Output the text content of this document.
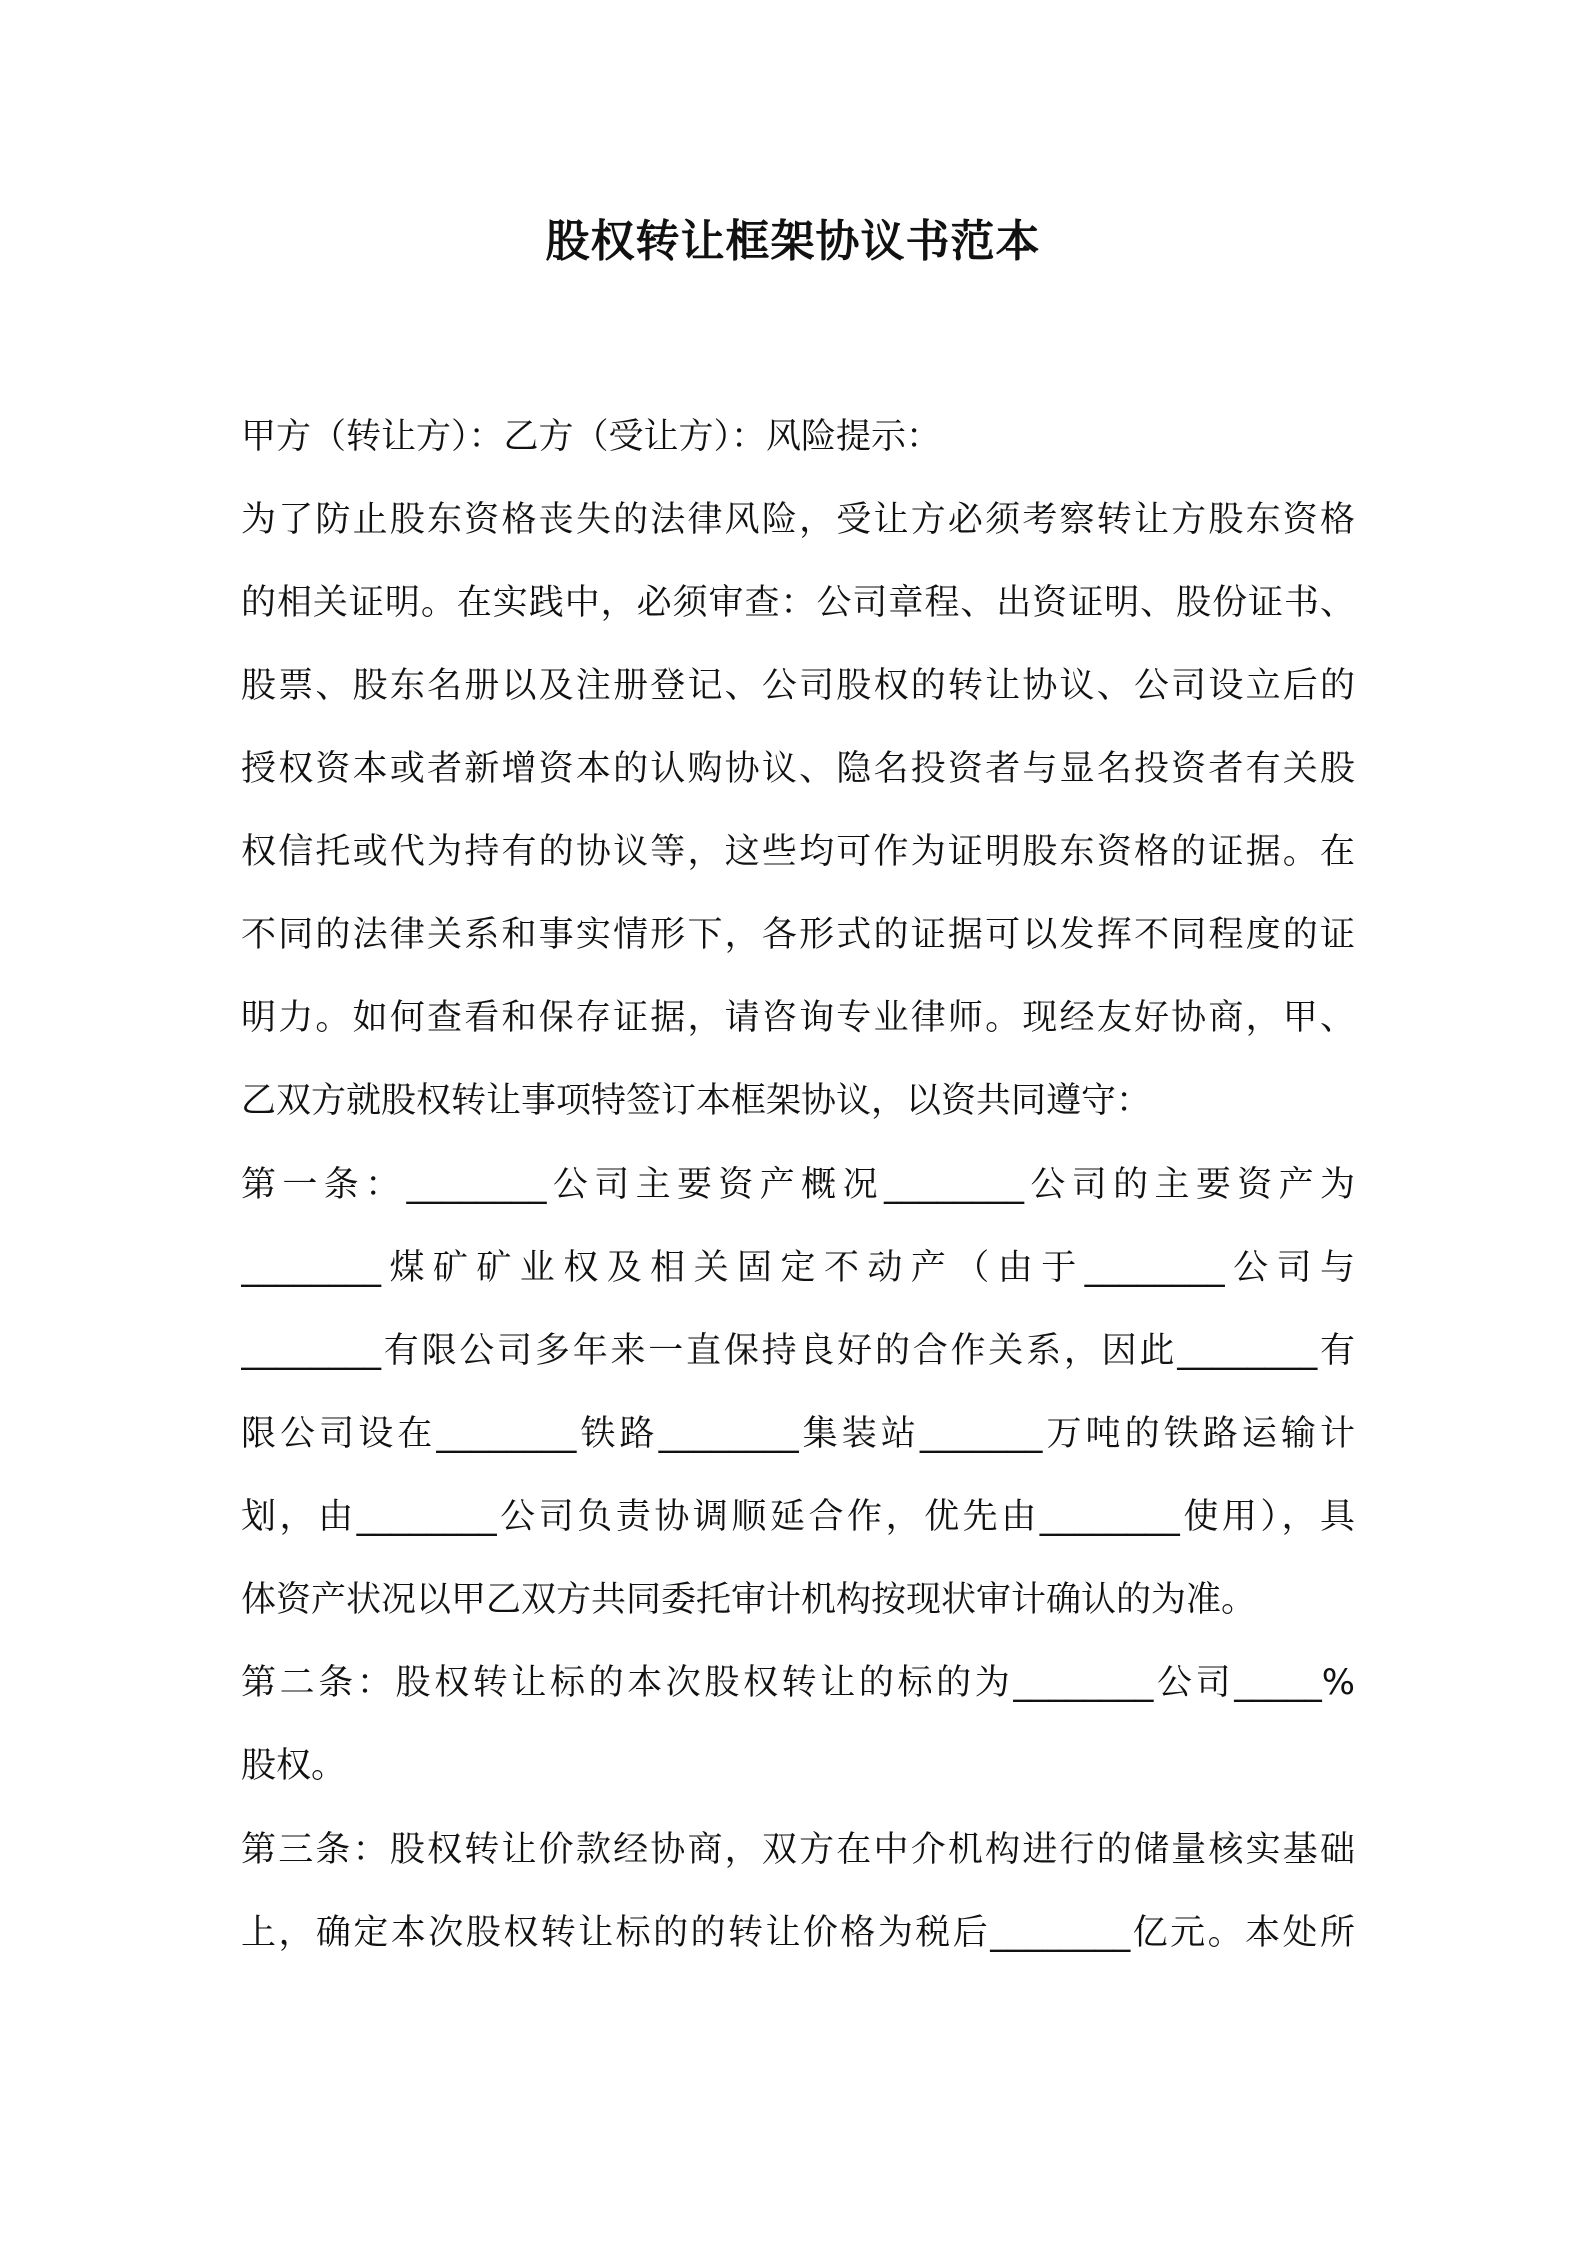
股权转让框架协议书范本
甲方（转让方）：乙方（受让方）：风险提示：
为了防止股东资格丧失的法律风险，受让方必须考察转让方股东资格
的相关证明。在实践中，必须审查：公司章程、出资证明、股份证书、
股票、股东名册以及注册登记、公司股权的转让协议、公司设立后的
授权资本或者新增资本的认购协议、隐名投资者与显名投资者有关股
权信托或代为持有的协议等，这些均可作为证明股东资格的证据。在
不同的法律关系和事实情形下，各形式的证据可以发挥不同程度的证
明力。如何查看和保存证据，请咨询专业律师。现经友好协商，甲、
乙双方就股权转让事项特签订本框架协议，以资共同遵守：
第一条：________公司主要资产概况________公司的主要资产为
________煤矿矿业权及相关固定不动产（由于________公司与
________有限公司多年来一直保持良好的合作关系，因此________有
限公司设在________铁路________集装站_______万吨的铁路运输计
划，由________公司负责协调顺延合作，优先由________使用），具
体资产状况以甲乙双方共同委托审计机构按现状审计确认的为准。
第二条：股权转让标的本次股权转让的标的为________公司_____%
股权。
第三条：股权转让价款经协商，双方在中介机构进行的储量核实基础
上，确定本次股权转让标的的转让价格为税后________亿元。本处所
